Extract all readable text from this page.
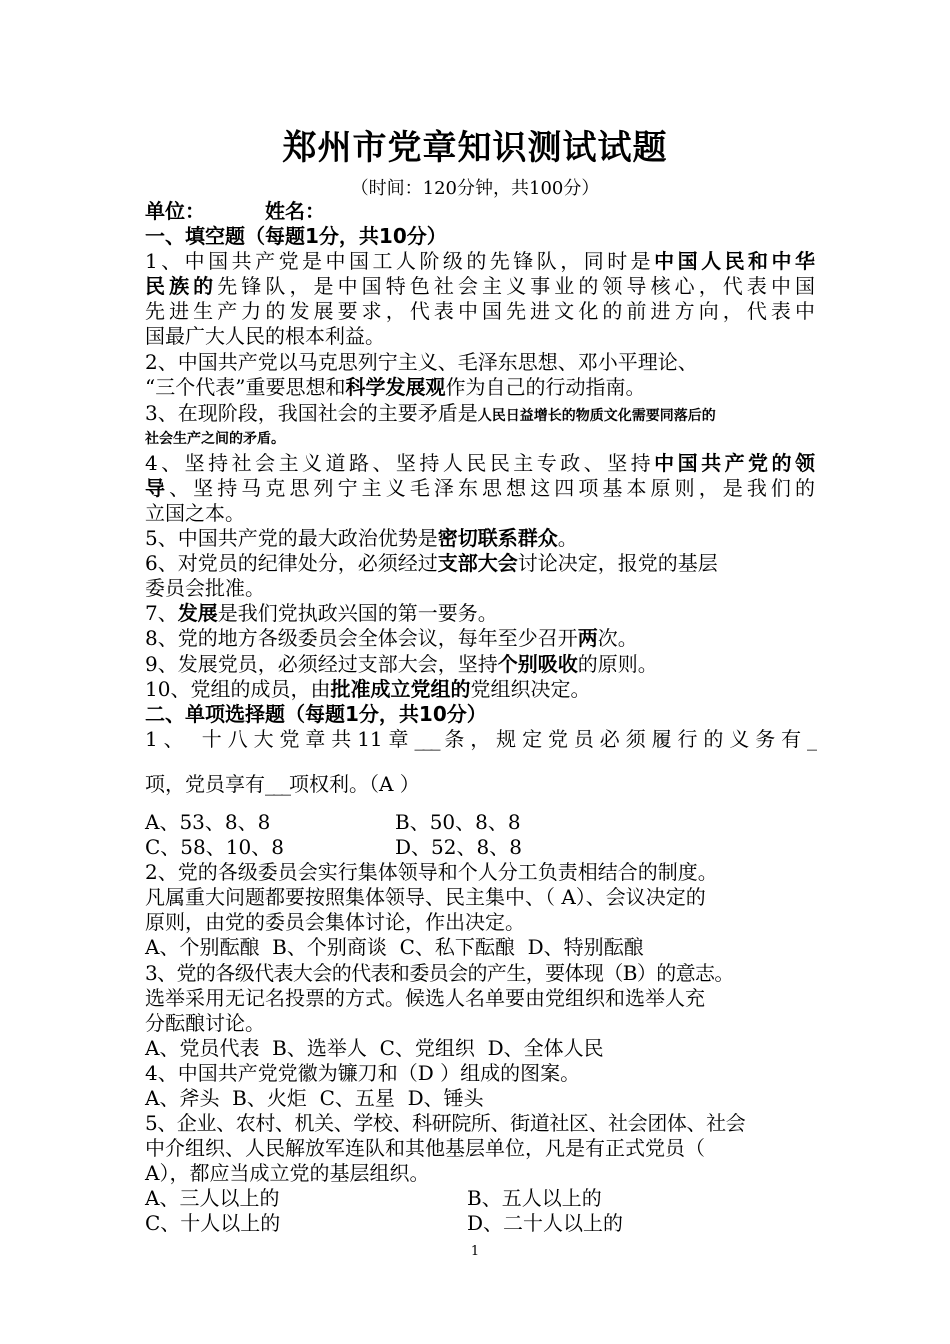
郑州市党章知识测试试题
（时间：120分钟，共100分）
单位：	姓名：
一、填空题（每题1分，共10分）
1、中国共产党是中国工人阶级的先锋队，同时是中国人民和中华
民族的先锋队，是中国特色社会主义事业的领导核心，代表中国
先进生产力的发展要求，代表中国先进文化的前进方向，代表中
国最广大人民的根本利益。
2、中国共产党以马克思列宁主义、毛泽东思想、邓小平理论、
“三个代表”重要思想和科学发展观作为自己的行动指南。
3、在现阶段，我国社会的主要矛盾是人民日益增长的物质文化需要同落后的
社会生产之间的矛盾。
4、坚持社会主义道路、坚持人民民主专政、坚持中国共产党的领
导、坚持马克思列宁主义毛泽东思想这四项基本原则，是我们的
立国之本。
5、中国共产党的最大政治优势是密切联系群众。
6、对党员的纪律处分，必须经过支部大会讨论决定，报党的基层
委员会批准。
7、发展是我们党执政兴国的第一要务。
8、党的地方各级委员会全体会议，每年至少召开两次。
9、发展党员，必须经过支部大会，坚持个别吸收的原则。
10、党组的成员，由批准成立党组的党组织决定。
二、单项选择题（每题1分，共10分）
1、 十八大党章共11章___条，规定党员必须履行的义务有_
项，党员享有___项权利。（A ）
A、53、8、8	B、50、8、8
C、58、10、8	D、52、8、8
2、党的各级委员会实行集体领导和个人分工负责相结合的制度。
凡属重大问题都要按照集体领导、民主集中、（ A）、会议决定的
原则，由党的委员会集体讨论，作出决定。
A、个别酝酿  B、个别商谈  C、私下酝酿  D、特别酝酿
3、党的各级代表大会的代表和委员会的产生，要体现（B）的意志。
选举采用无记名投票的方式。候选人名单要由党组织和选举人充
分酝酿讨论。
A、党员代表  B、选举人  C、党组织  D、全体人民
4、中国共产党党徽为镰刀和（D ）组成的图案。
A、斧头  B、火炬  C、五星  D、锤头
5、企业、农村、机关、学校、科研院所、街道社区、社会团体、社会
中介组织、人民解放军连队和其他基层单位，凡是有正式党员（
A），都应当成立党的基层组织。
A、三人以上的	B、五人以上的
C、十人以上的	D、二十人以上的
1
